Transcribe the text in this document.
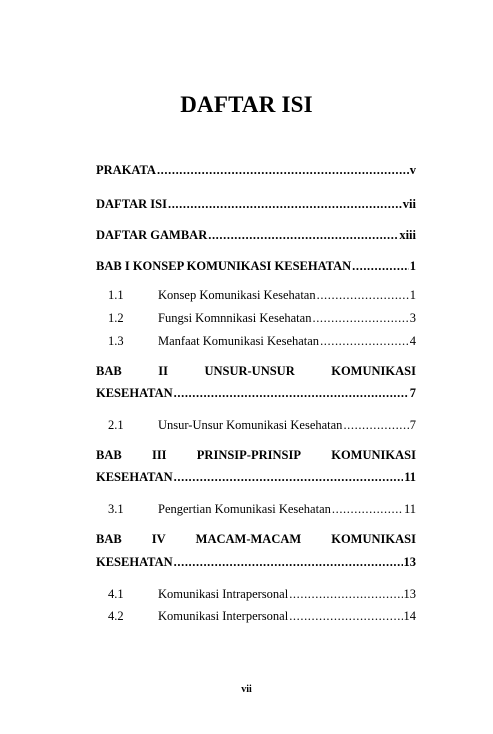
DAFTAR ISI
PRAKATA .....	v
DAFTAR ISI .....	vii
DAFTAR GAMBAR .....	xiii
BAB I KONSEP KOMUNIKASI KESEHATAN .....	1
1.1	Konsep Komunikasi Kesehatan .....	1
1.2	Fungsi Komnnikasi Kesehatan .....	3
1.3	Manfaat Komunikasi Kesehatan .....	4
BAB	II	UNSUR-UNSUR	KOMUNIKASI
KESEHATAN .....	7
2.1	Unsur-Unsur Komunikasi Kesehatan .....	7
BAB III PRINSIP-PRINSIP KOMUNIKASI
KESEHATAN .....	11
3.1	Pengertian Komunikasi Kesehatan .....	11
BAB IV MACAM-MACAM KOMUNIKASI
KESEHATAN .....	13
4.1	Komunikasi Intrapersonal .....	13
4.2	Komunikasi Interpersonal .....	14
vii
